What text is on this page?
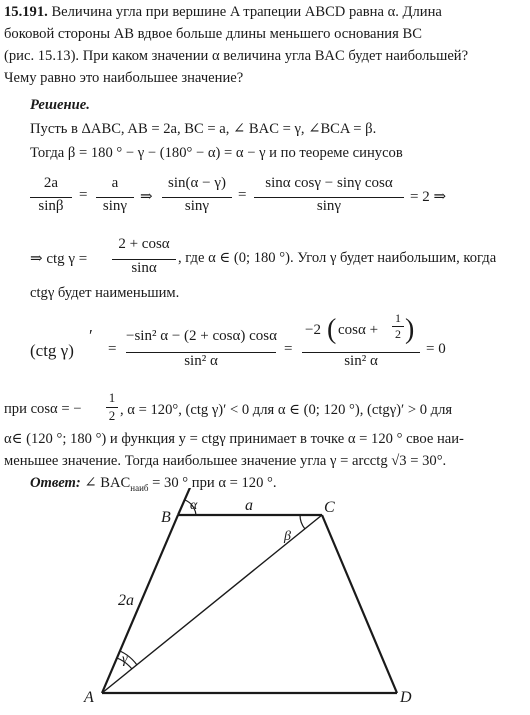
15.191. Величина угла при вершине A трапеции ABCD равна α. Длина
боковой стороны AB вдвое больше длины меньшего основания BC
(рис. 15.13). При каком значении α величина угла BAC будет наибольшей?
Чему равно это наибольшее значение?
Решение.
Пусть в ΔABC, AB = 2a, BC = a, ∠ BAC = γ, ∠BCA = β.
Тогда β = 180 ° − γ − (180° − α) = α − γ и по теореме синусов
2a
sinβ
=
a
sinγ
⇒
sin(α − γ)
sinγ
=
sinα cosγ − sinγ cosα
sinγ
= 2 ⇒
⇒ ctg γ =
2 + cosα
sinα
, где α ∈ (0; 180 °). Угол γ будет наибольшим, когда
ctgγ будет наименьшим.
(ctg γ)
′
=
−sin² α − (2 + cosα) cosα
sin² α
=
−2 ( cosα +
1
2 )
sin² α
= 0
при cosα = −
1
2 , α = 120°, (ctg γ)′ < 0 для α ∈ (0; 120 °), (ctgγ)′ > 0 для
α∈ (120 °; 180 °) и функция y = ctgγ принимает в точке α = 120 ° свое наи-
меньшее значение. Тогда наибольшее значение угла γ = arcctg √3 = 30°.
Ответ: ∠ $BAC_{наиб} = 30$ ° при α = 120 °.
B
C
A	D
a
2a
α
β
γ
